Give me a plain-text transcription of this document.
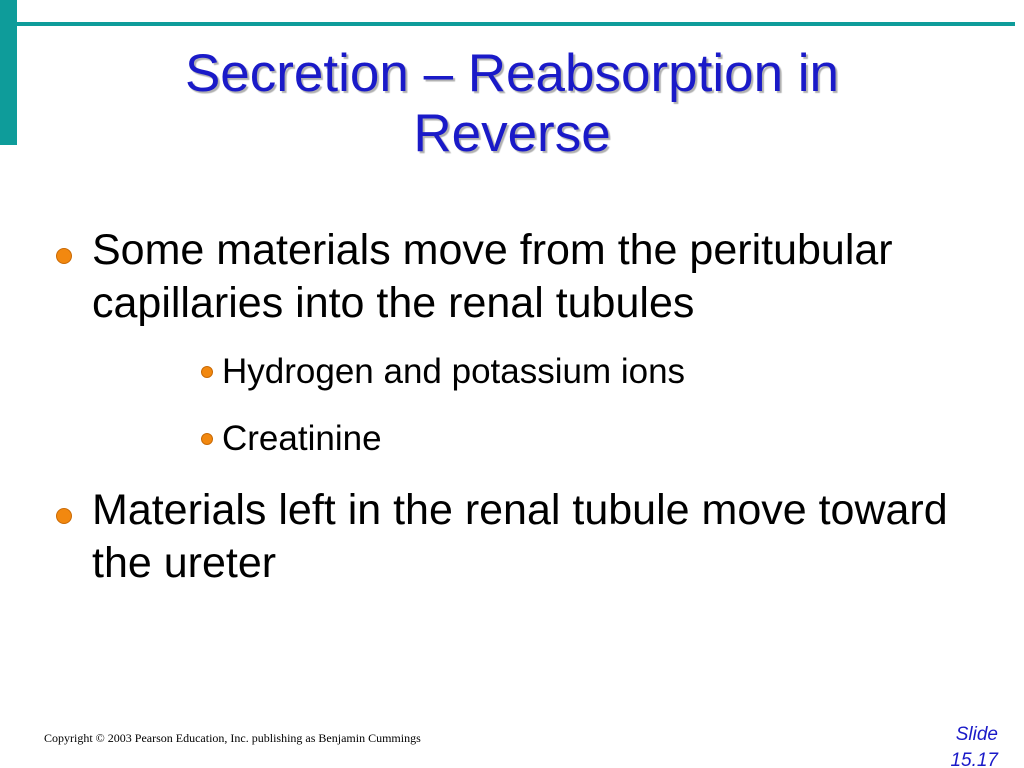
Secretion – Reabsorption in
Reverse
Some materials move from the peritubular capillaries into the renal tubules
Hydrogen and potassium ions
Creatinine
Materials left in the renal tubule move toward the ureter
Copyright © 2003 Pearson Education, Inc. publishing as Benjamin Cummings	Slide
15.17
